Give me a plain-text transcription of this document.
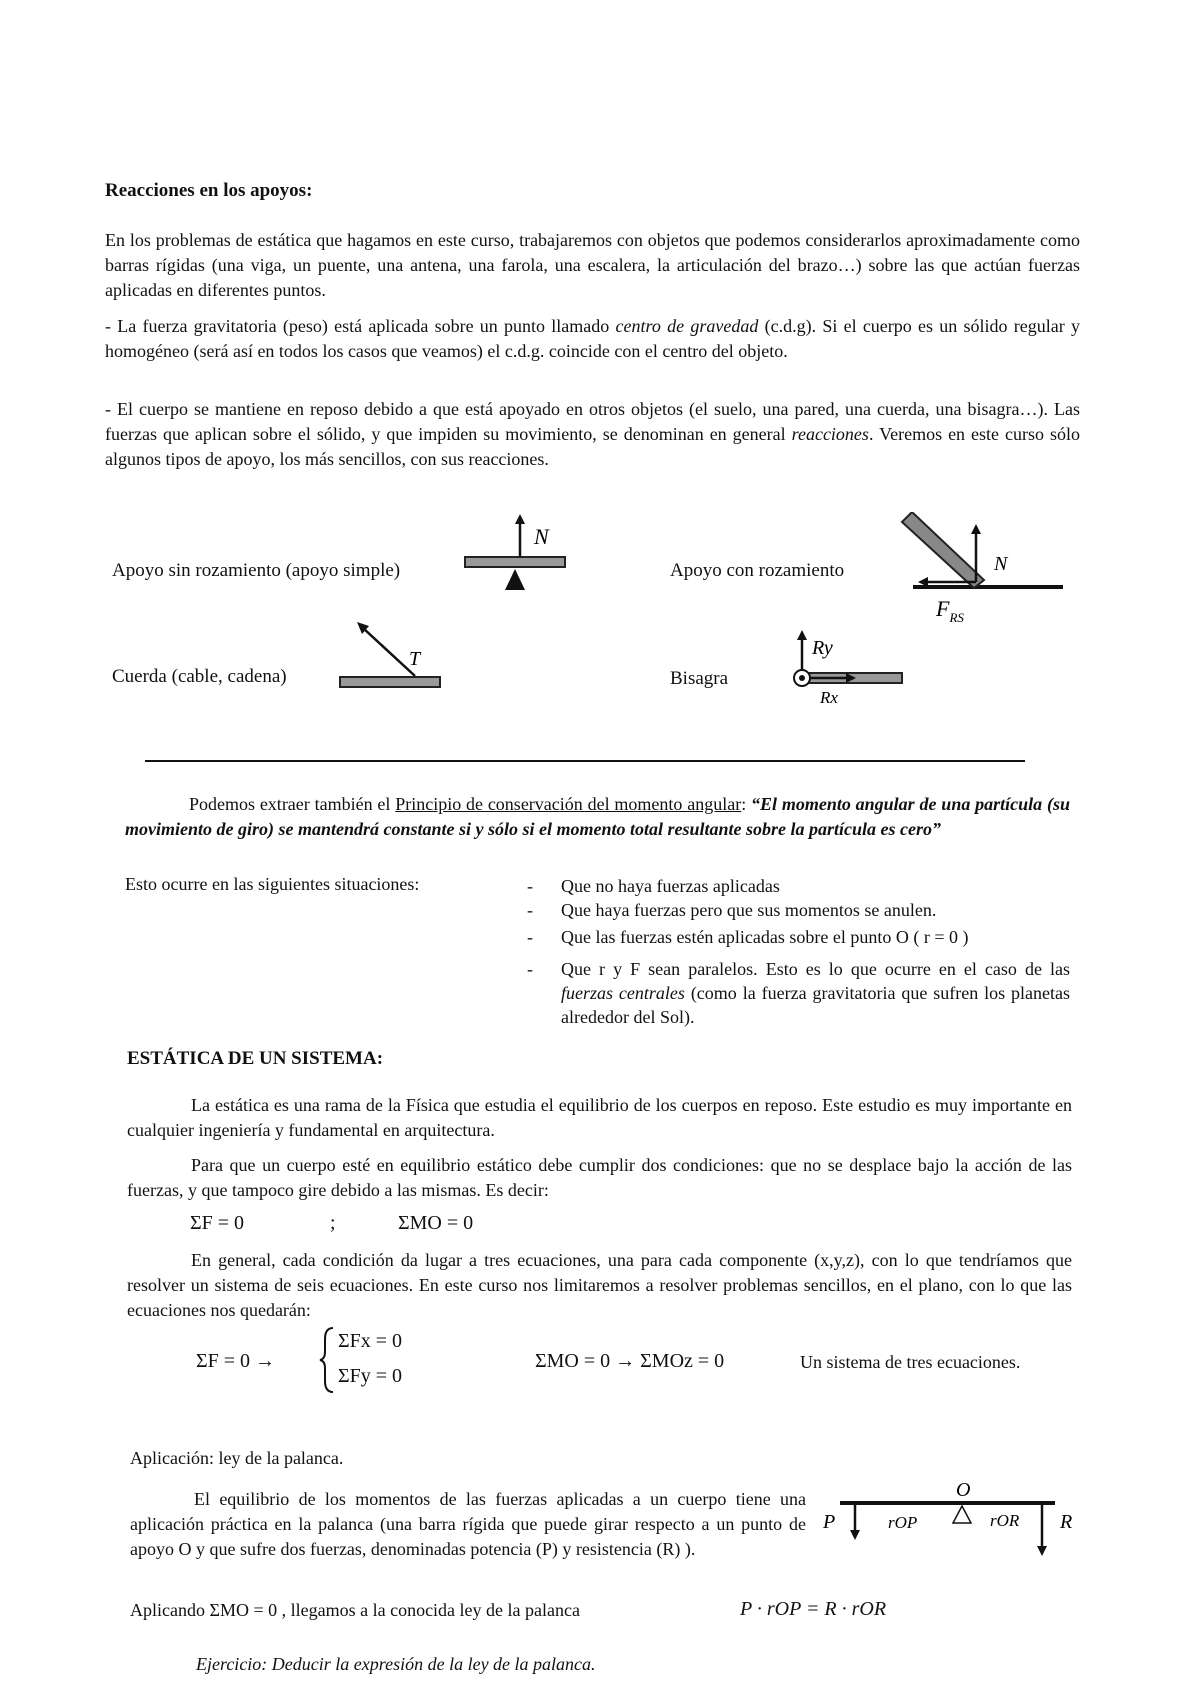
Reacciones en los apoyos:
En los problemas de estática que hagamos en este curso, trabajaremos con objetos que podemos considerarlos aproximadamente como barras rígidas (una viga, un puente, una antena, una farola, una escalera, la articulación del brazo…) sobre las que actúan fuerzas aplicadas en diferentes puntos.
- La fuerza gravitatoria (peso) está aplicada sobre un punto llamado centro de gravedad (c.d.g). Si el cuerpo es un sólido regular y homogéneo (será así en todos los casos que veamos) el c.d.g. coincide con el centro del objeto.
- El cuerpo se mantiene en reposo debido a que está apoyado en otros objetos (el suelo, una pared, una cuerda, una bisagra…). Las fuerzas que aplican sobre el sólido, y que impiden su movimiento, se denominan en general reacciones. Veremos en este curso sólo algunos tipos de apoyo, los más sencillos, con sus reacciones.
Apoyo sin rozamiento (apoyo simple)	Apoyo con rozamiento
Cuerda (cable, cadena)	Bisagra
N
N
$F_{RS}$
T	Ry
Rx
Podemos extraer también el Principio de conservación del momento angular: “El momento angular de una partícula (su movimiento de giro) se mantendrá constante si y sólo si el momento total resultante sobre la partícula es cero”
Esto ocurre en las siguientes situaciones:
-	Que no haya fuerzas aplicadas
- Que haya fuerzas pero que sus momentos se anulen.
- Que las fuerzas estén aplicadas sobre el punto O ( r = 0 )
- Que r y F sean paralelos. Esto es lo que ocurre en el caso de las fuerzas centrales (como la fuerza gravitatoria que sufren los planetas alrededor del Sol).
ESTÁTICA DE UN SISTEMA:
La estática es una rama de la Física que estudia el equilibrio de los cuerpos en reposo. Este estudio es muy importante en cualquier ingeniería y fundamental en arquitectura.
Para que un cuerpo esté en equilibrio estático debe cumplir dos condiciones: que no se desplace bajo la acción de las fuerzas, y que tampoco gire debido a las mismas. Es decir:
ΣF = 0	;	ΣMO = 0
En general, cada condición da lugar a tres ecuaciones, una para cada componente (x,y,z), con lo que tendríamos que resolver un sistema de seis ecuaciones. En este curso nos limitaremos a resolver problemas sencillos, en el plano, con lo que las ecuaciones nos quedarán:
ΣF = 0 →
ΣFx = 0
ΣFy = 0
ΣMO = 0 → ΣMOz = 0	Un sistema de tres ecuaciones.
Aplicación: ley de la palanca.
El equilibrio de los momentos de las fuerzas aplicadas a un cuerpo tiene una aplicación práctica en la palanca (una barra rígida que puede girar respecto a un punto de apoyo O y que sufre dos fuerzas, denominadas potencia (P) y resistencia (R) ).
O
P	R
rOP	rOR
Aplicando ΣMO = 0 , llegamos a la conocida ley de la palanca	P · rOP = R · rOR
Ejercicio: Deducir la expresión de la ley de la palanca.
